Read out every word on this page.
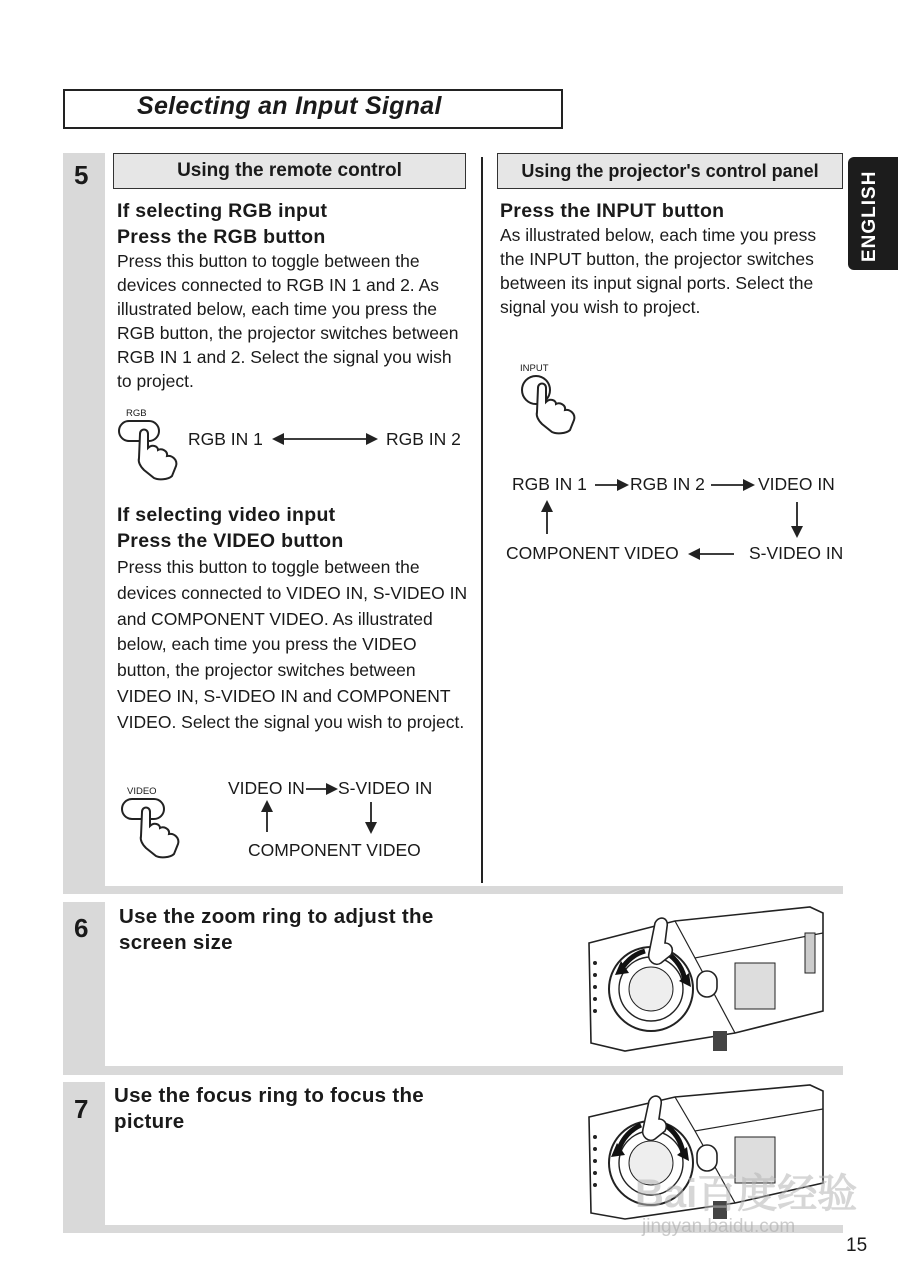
Selecting an Input Signal
ENGLISH
5	Using the remote control	Using the projector's control panel
If selecting RGB input
Press the RGB button
Press this button to toggle between the devices connected to RGB IN 1 and 2. As illustrated below, each time you press the RGB button, the projector switches between RGB IN 1 and 2. Select the signal you wish to project.
RGB
RGB IN 1	RGB IN 2
If selecting video input
Press the VIDEO button
Press this button to toggle between the devices connected to VIDEO IN, S-VIDEO IN and COMPONENT VIDEO. As illustrated below, each time you press the VIDEO button, the projector switches between VIDEO IN, S-VIDEO IN and COMPONENT VIDEO. Select the signal you wish to project.
VIDEO	VIDEO IN S-VIDEO IN
COMPONENT VIDEO
Press the INPUT button
As illustrated below, each time you press the INPUT button, the projector switches between its input signal ports. Select the signal you wish to project.
INPUT
RGB IN 1 RGB IN 2	VIDEO IN
S-VIDEO IN
COMPONENT VIDEO
6 Use the zoom ring to adjust the
screen size
7 Use the focus ring to focus the
picture
Bai百度经验
jingyan.baidu.com
15
